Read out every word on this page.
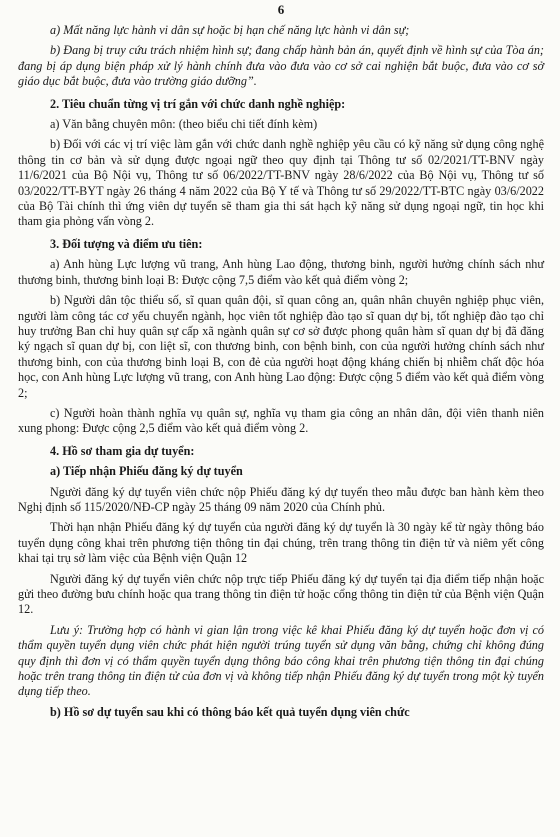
6

a) Mất năng lực hành vi dân sự hoặc bị hạn chế năng lực hành vi dân sự;

b) Đang bị truy cứu trách nhiệm hình sự; đang chấp hành bản án, quyết định về hình sự của Tòa án; đang bị áp dụng biện pháp xử lý hành chính đưa vào đưa vào cơ sở cai nghiện bắt buộc, đưa vào cơ sở giáo dục bắt buộc, đưa vào trường giáo dưỡng”.

2. Tiêu chuẩn từng vị trí gắn với chức danh nghề nghiệp:

a) Văn bằng chuyên môn: (theo biểu chi tiết đính kèm)

b) Đối với các vị trí việc làm gắn với chức danh nghề nghiệp yêu cầu có kỹ năng sử dụng công nghệ thông tin cơ bản và sử dụng được ngoại ngữ theo quy định tại Thông tư số 02/2021/TT-BNV ngày 11/6/2021 của Bộ Nội vụ, Thông tư số 06/2022/TT-BNV ngày 28/6/2022 của Bộ Nội vụ, Thông tư số 03/2022/TT-BYT ngày 26 tháng 4 năm 2022 của Bộ Y tế và Thông tư số 29/2022/TT-BTC ngày 03/6/2022 của Bộ Tài chính thì ứng viên dự tuyển sẽ tham gia thi sát hạch kỹ năng sử dụng ngoại ngữ, tin học khi tham gia phỏng vấn vòng 2.

3. Đối tượng và điểm ưu tiên:

a) Anh hùng Lực lượng vũ trang, Anh hùng Lao động, thương binh, người hưởng chính sách như thương binh, thương binh loại B: Được cộng 7,5 điểm vào kết quả điểm vòng 2;

b) Người dân tộc thiểu số, sĩ quan quân đội, sĩ quan công an, quân nhân chuyên nghiệp phục viên, người làm công tác cơ yếu chuyển ngành, học viên tốt nghiệp đào tạo sĩ quan dự bị, tốt nghiệp đào tạo chỉ huy trưởng Ban chỉ huy quân sự cấp xã ngành quân sự cơ sở được phong quân hàm sĩ quan dự bị đã đăng ký ngạch sĩ quan dự bị, con liệt sĩ, con thương binh, con bệnh binh, con của người hưởng chính sách như thương binh, con của thương binh loại B, con đẻ của người hoạt động kháng chiến bị nhiễm chất độc hóa học, con Anh hùng Lực lượng vũ trang, con Anh hùng Lao động: Được cộng 5 điểm vào kết quả điểm vòng 2;

c) Người hoàn thành nghĩa vụ quân sự, nghĩa vụ tham gia công an nhân dân, đội viên thanh niên xung phong: Được cộng 2,5 điểm vào kết quả điểm vòng 2.

4. Hồ sơ tham gia dự tuyển:
a) Tiếp nhận Phiếu đăng ký dự tuyển

Người đăng ký dự tuyển viên chức nộp Phiếu đăng ký dự tuyển theo mẫu được ban hành kèm theo Nghị định số 115/2020/NĐ-CP ngày 25 tháng 09 năm 2020 của Chính phủ.

Thời hạn nhận Phiếu đăng ký dự tuyển của người đăng ký dự tuyển là 30 ngày kể từ ngày thông báo tuyển dụng công khai trên phương tiện thông tin đại chúng, trên trang thông tin điện tử và niêm yết công khai tại trụ sở làm việc của Bệnh viện Quận 12

Người đăng ký dự tuyển viên chức nộp trực tiếp Phiếu đăng ký dự tuyển tại địa điểm tiếp nhận hoặc gửi theo đường bưu chính hoặc qua trang thông tin điện tử hoặc cổng thông tin điện tử của Bệnh viện Quận 12.

Lưu ý: Trường hợp có hành vi gian lận trong việc kê khai Phiếu đăng ký dự tuyển hoặc đơn vị có thẩm quyền tuyển dụng viên chức phát hiện người trúng tuyển sử dụng văn bằng, chứng chỉ không đúng quy định thì đơn vị có thẩm quyền tuyển dụng thông báo công khai trên phương tiện thông tin đại chúng hoặc trên trang thông tin điện tử của đơn vị và không tiếp nhận Phiếu đăng ký dự tuyển trong một kỳ tuyển dụng tiếp theo.

b) Hồ sơ dự tuyển sau khi có thông báo kết quả tuyển dụng viên chức
